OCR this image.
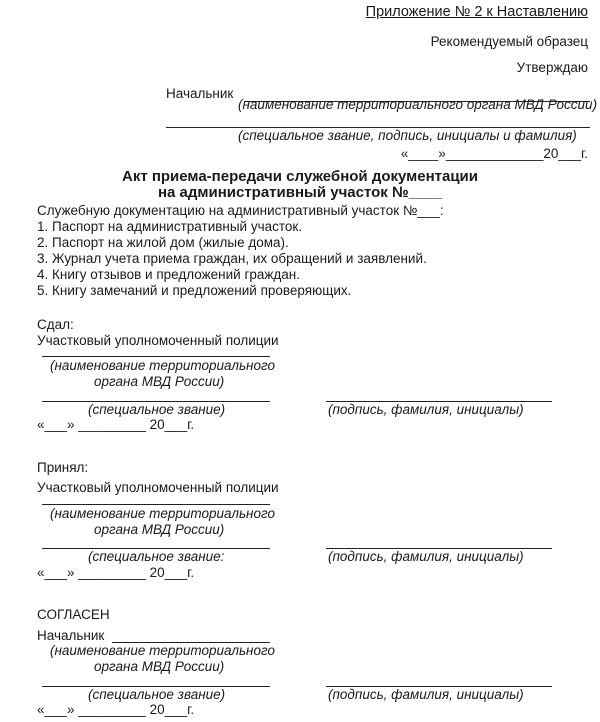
Приложение № 2 к Наставлению
Рекомендуемый образец
Утверждаю
Начальник
(наименование территориального органа МВД России)
(специальное звание, подпись, инициалы и фамилия)
«____»_____________20___г.
Акт приема-передачи служебной документации
на административный участок №____
Служебную документацию на административный участок №___:
1. Паспорт на административный участок.
2. Паспорт на жилой дом (жилые дома).
3. Журнал учета приема граждан, их обращений и заявлений.
4. Книгу отзывов и предложений граждан.
5. Книгу замечаний и предложений проверяющих.
Сдал:
Участковый уполномоченный полиции
(наименование территориального
органа МВД России)
(специальное звание)	(подпись, фамилия, инициалы)
«___» _________ 20___г.
Принял:
Участковый уполномоченный полиции
(наименование территориального
органа МВД России)
(специальное звание:	(подпись, фамилия, инициалы)
«___» _________ 20___г.
СОГЛАСЕН
Начальник
(наименование территориального
органа МВД России)
(специальное звание)	(подпись, фамилия, инициалы)
«___» _________ 20___г.
